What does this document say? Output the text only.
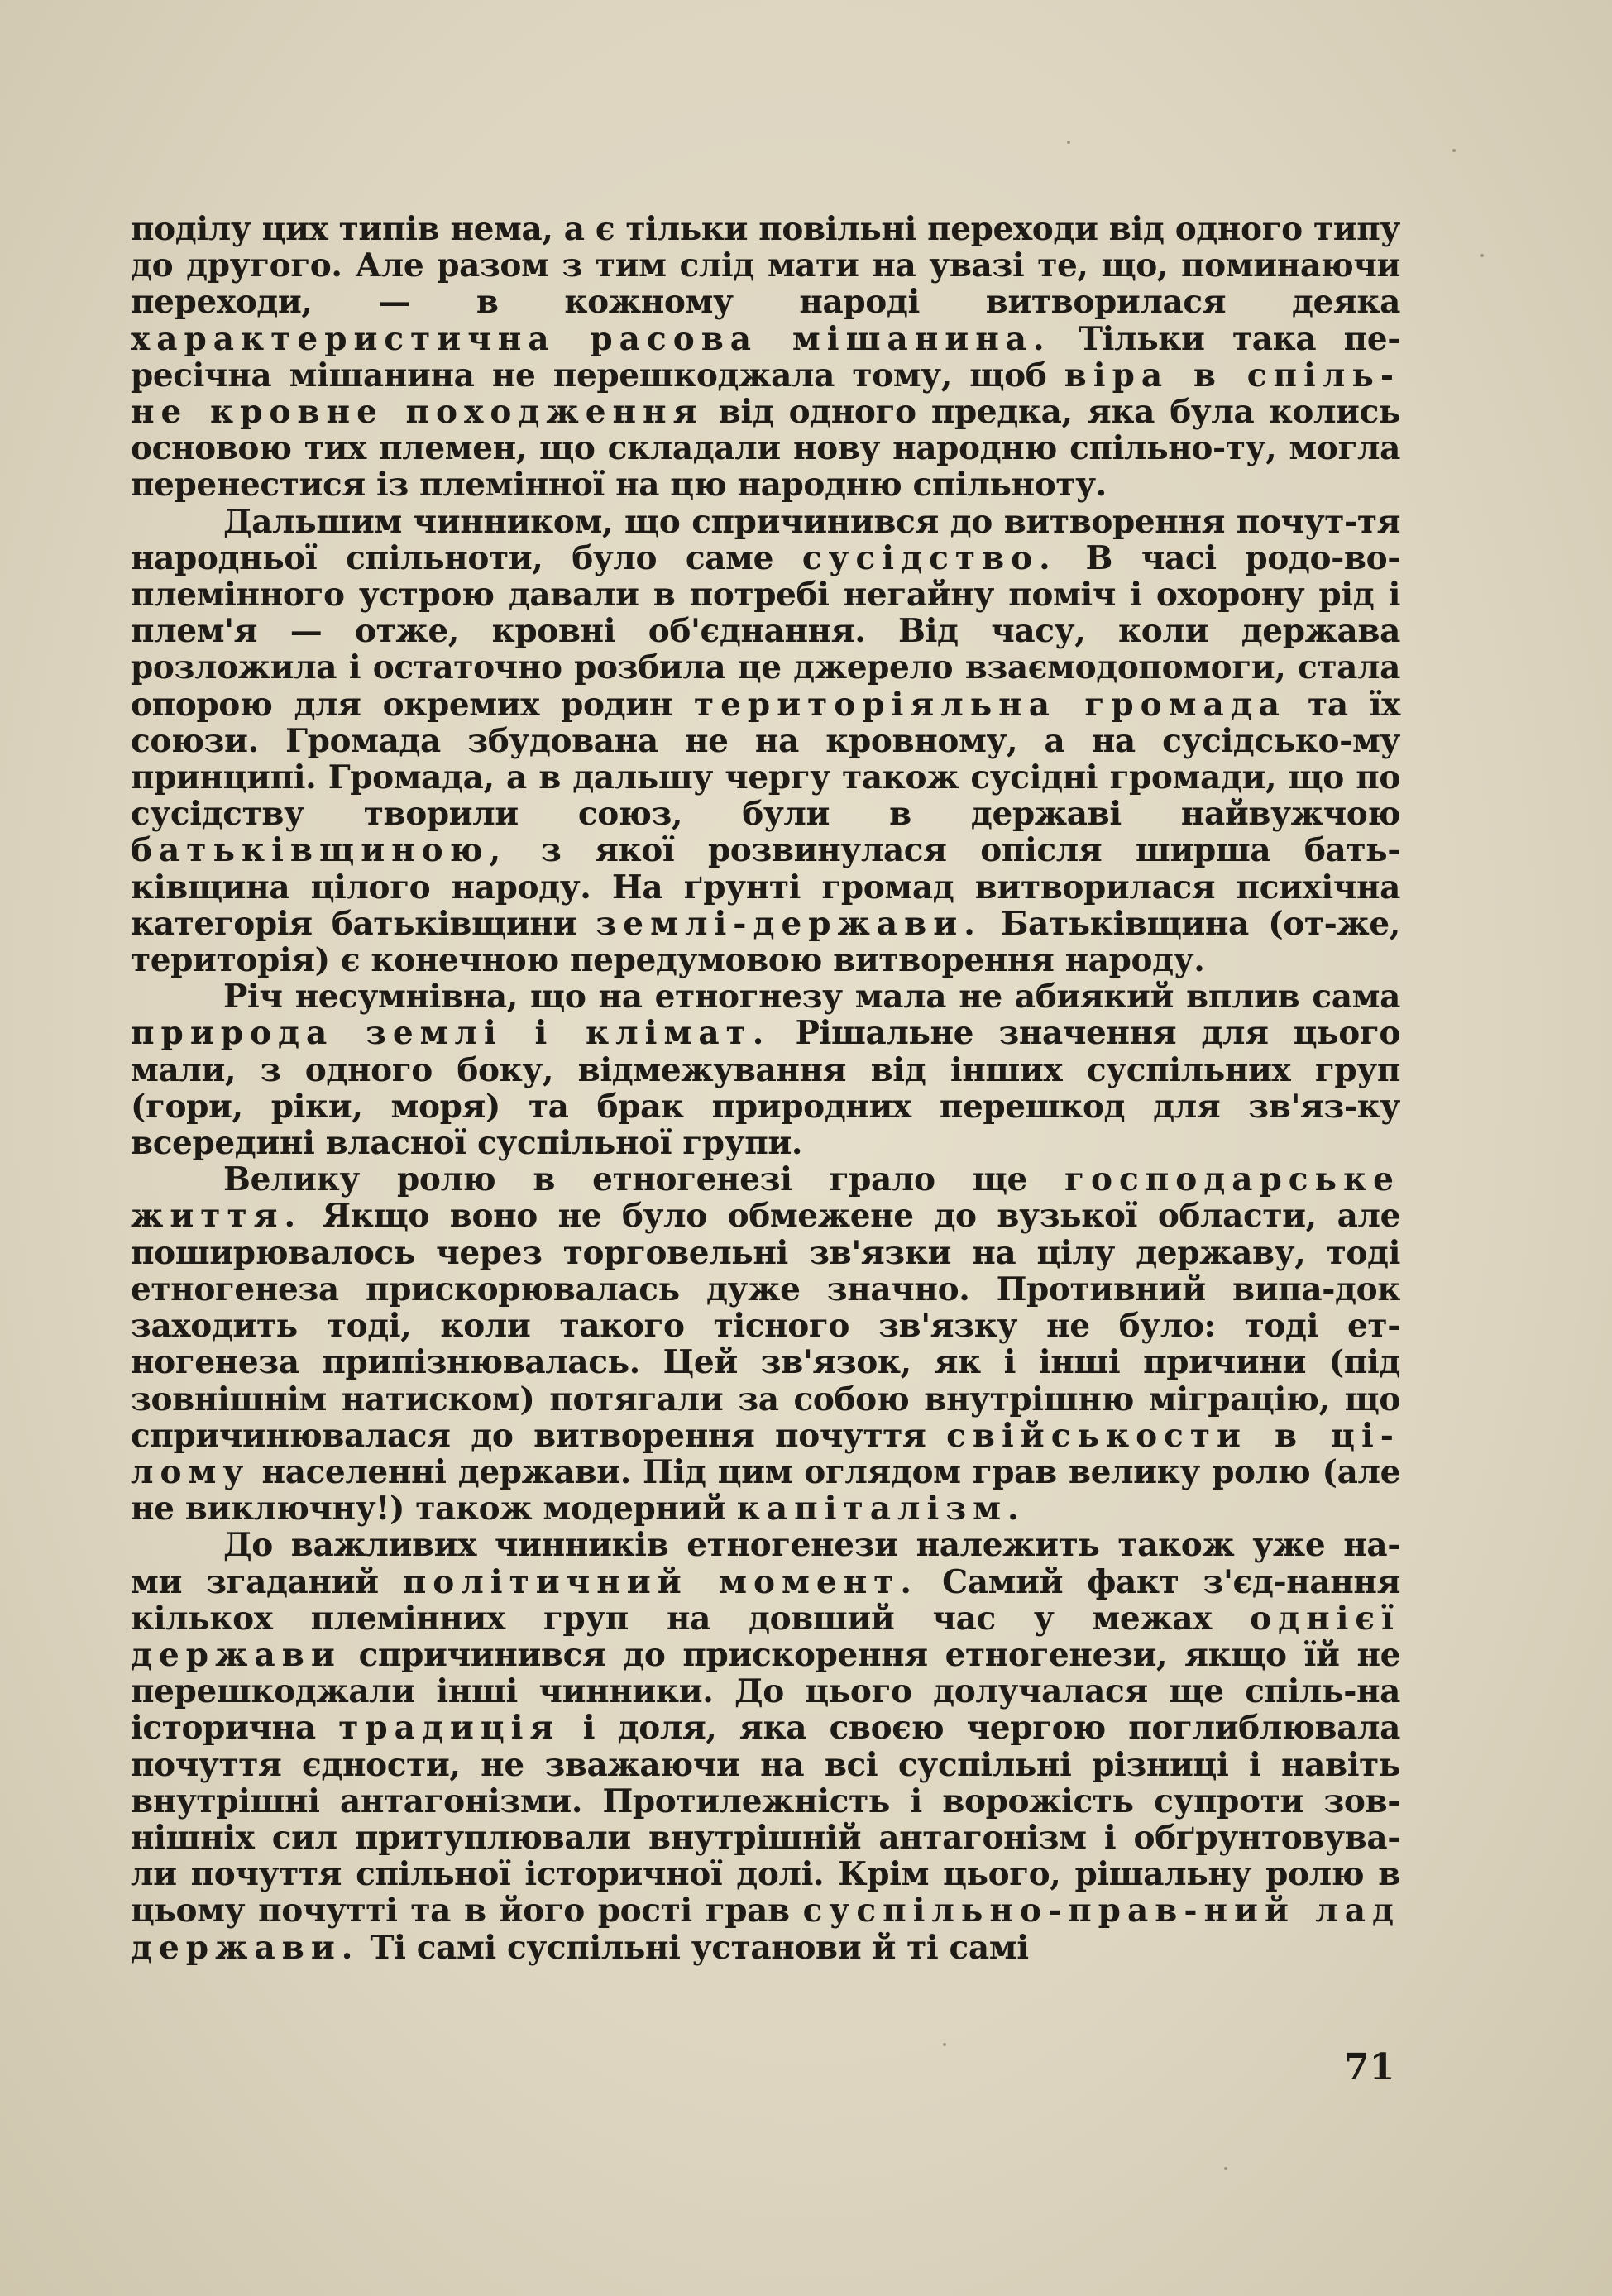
поділу цих типів нема, а є тільки повільні переходи від одного типу до другого. Але разом з тим слід мати на увазі те, що, поминаючи переходи, — в кожному народі витворилася деяка характеристична расова мішанина. Тільки така пе-ресічна мішанина не перешкоджала тому, щоб віра в спіль-не кровне походження від одного предка, яка була колись основою тих племен, що складали нову народню спільно-ту, могла перенестися із племінної на цю народню спільноту.

Дальшим чинником, що спричинився до витворення почут-тя народньої спільноти, було саме сусідство. В часі родо-во-племінного устрою давали в потребі негайну поміч і охорону рід і плем'я — отже, кровні об'єднання. Від часу, коли держава розложила і остаточно розбила це джерело взаємодопомоги, стала опорою для окремих родин територіяльна громада та їх союзи. Громада збудована не на кровному, а на сусідсько-му принципі. Громада, а в дальшу чергу також сусідні громади, що по сусідству творили союз, були в державі найвужчою батьківщиною, з якої розвинулася опісля ширша бать-ківщина цілого народу. На ґрунті громад витворилася психічна категорія батьківщини землі-держави. Батьківщина (от-же, територія) є конечною передумовою витворення народу.

Річ несумнівна, що на етногнезу мала не абиякий вплив сама природа землі і клімат. Рішальне значення для цього мали, з одного боку, відмежування від інших суспільних груп (гори, ріки, моря) та брак природних перешкод для зв'яз-ку всередині власної суспільної групи.

Велику ролю в етногенезі грало ще господарське життя. Якщо воно не було обмежене до вузької области, але поширювалось через торговельні зв'язки на цілу державу, тоді етногенеза прискорювалась дуже значно. Противний випа-док заходить тоді, коли такого тісного зв'язку не було: тоді ет-ногенеза припізнювалась. Цей зв'язок, як і інші причини (під зовнішнім натиском) потягали за собою внутрішню міграцію, що спричинювалася до витворення почуття свійськости в ці-лому населенні держави. Під цим оглядом грав велику ролю (але не виключну!) також модерний капіталізм.

До важливих чинників етногенези належить також уже на-ми згаданий політичний момент. Самий факт з'єд-нання кількох племінних груп на довший час у межах однієї держави спричинився до прискорення етногенези, якщо їй не перешкоджали інші чинники. До цього долучалася ще спіль-на історична традиція і доля, яка своєю чергою поглиблювала почуття єдности, не зважаючи на всі суспільні різниці і навіть внутрішні антагонізми. Протилежність і ворожість супроти зов-нішніх сил притуплювали внутрішній антагонізм і обґрунтовува-ли почуття спільної історичної долі. Крім цього, рішальну ролю в цьому почутті та в його рості грав суспільно-прав-ний лад держави. Ті самі суспільні установи й ті самі

71
